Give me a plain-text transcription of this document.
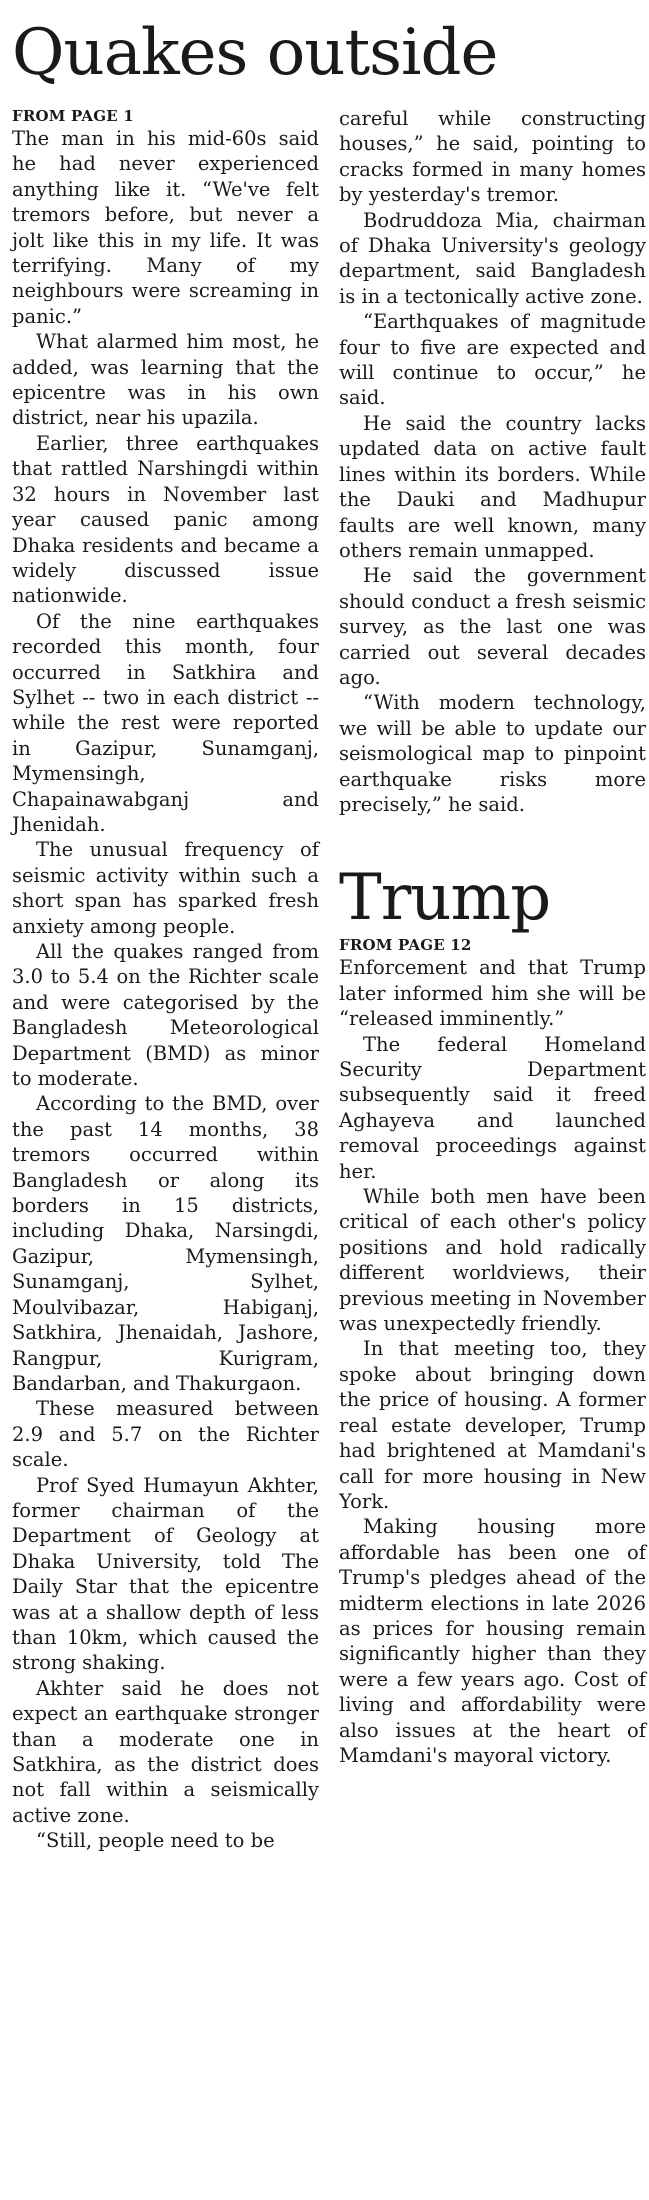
Quakes outside
FROM PAGE 1

The man in his mid-60s said he had never experienced anything like it. “We've felt tremors before, but never a jolt like this in my life. It was terrifying. Many of my neighbours were screaming in panic.”

What alarmed him most, he added, was learning that the epicentre was in his own district, near his upazila.

Earlier, three earthquakes that rattled Narshingdi within 32 hours in November last year caused panic among Dhaka residents and became a widely discussed issue nationwide.

Of the nine earthquakes recorded this month, four occurred in Satkhira and Sylhet -- two in each district -- while the rest were reported in Gazipur, Sunamganj, Mymensingh, Chapainawabganj and Jhenidah.

The unusual frequency of seismic activity within such a short span has sparked fresh anxiety among people.

All the quakes ranged from 3.0 to 5.4 on the Richter scale and were categorised by the Bangladesh Meteorological Department (BMD) as minor to moderate.

According to the BMD, over the past 14 months, 38 tremors occurred within Bangladesh or along its borders in 15 districts, including Dhaka, Narsingdi, Gazipur, Mymensingh, Sunamganj, Sylhet, Moulvibazar, Habiganj, Satkhira, Jhenaidah, Jashore, Rangpur, Kurigram, Bandarban, and Thakurgaon.

These measured between 2.9 and 5.7 on the Richter scale.

Prof Syed Humayun Akhter, former chairman of the Department of Geology at Dhaka University, told The Daily Star that the epicentre was at a shallow depth of less than 10km, which caused the strong shaking.

Akhter said he does not expect an earthquake stronger than a moderate one in Satkhira, as the district does not fall within a seismically active zone.

“Still, people need to be

careful while constructing houses,” he said, pointing to cracks formed in many homes by yesterday's tremor.

Bodruddoza Mia, chairman of Dhaka University's geology department, said Bangladesh is in a tectonically active zone.

“Earthquakes of magnitude four to five are expected and will continue to occur,” he said.

He said the country lacks updated data on active fault lines within its borders. While the Dauki and Madhupur faults are well known, many others remain unmapped.

He said the government should conduct a fresh seismic survey, as the last one was carried out several decades ago.

“With modern technology, we will be able to update our seismological map to pinpoint earthquake risks more precisely,” he said.

Trump
FROM PAGE 12

Enforcement and that Trump later informed him she will be “released imminently.”

The federal Homeland Security Department subsequently said it freed Aghayeva and launched removal proceedings against her.

While both men have been critical of each other's policy positions and hold radically different worldviews, their previous meeting in November was unexpectedly friendly.

In that meeting too, they spoke about bringing down the price of housing. A former real estate developer, Trump had brightened at Mamdani's call for more housing in New York.

Making housing more affordable has been one of Trump's pledges ahead of the midterm elections in late 2026 as prices for housing remain significantly higher than they were a few years ago. Cost of living and affordability were also issues at the heart of Mamdani's mayoral victory.
